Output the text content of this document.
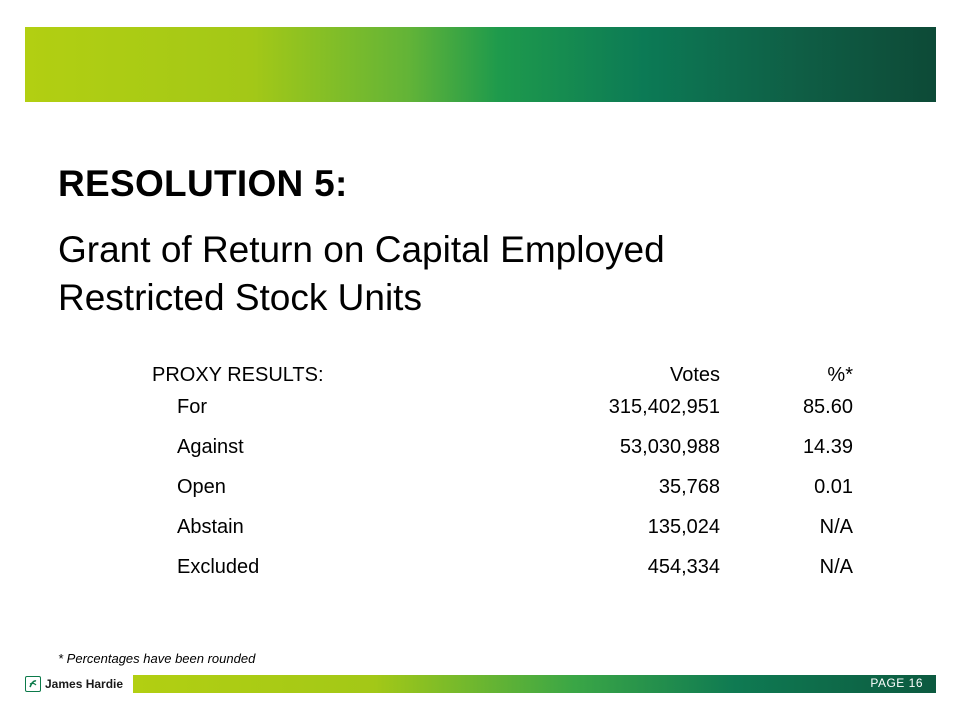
RESOLUTION 5:
Grant of Return on Capital Employed Restricted Stock Units
PROXY RESULTS:	Votes	%*
For	315,402,951	85.60
Against	53,030,988	14.39
Open	35,768	0.01
Abstain	135,024	N/A
Excluded	454,334	N/A
* Percentages have been rounded
James Hardie	PAGE 16
